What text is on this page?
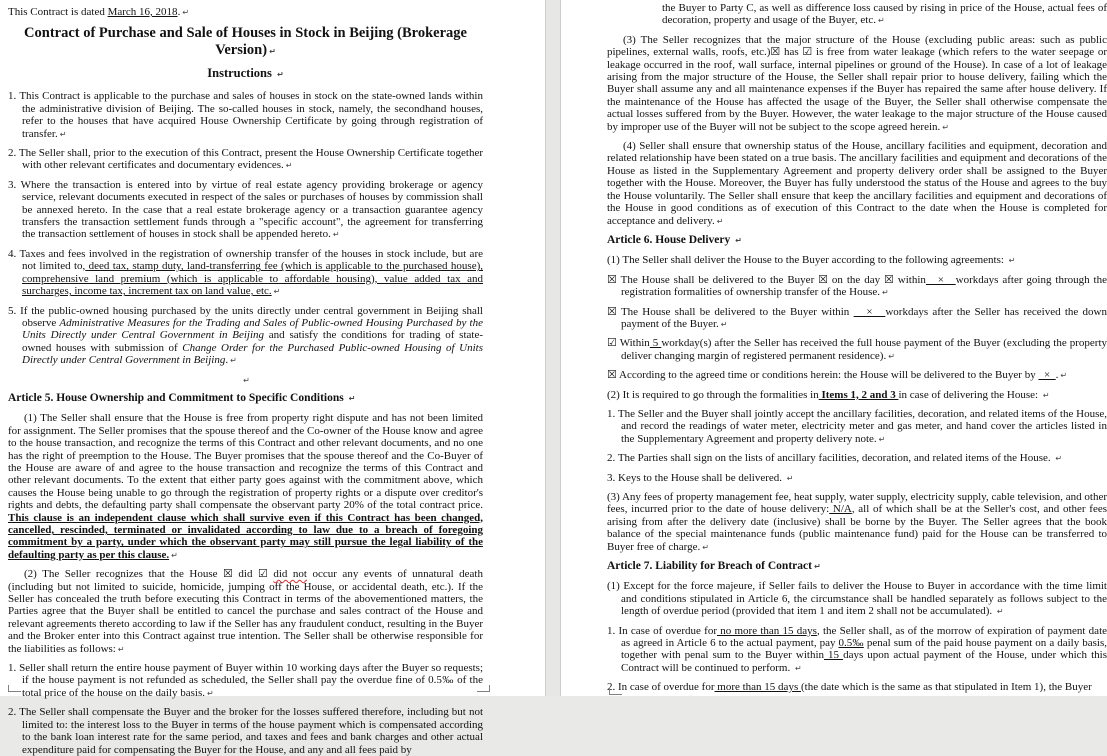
This Contract is dated March 16, 2018. ↵

Contract of Purchase and Sale of Houses in Stock in Beijing (Brokerage Version) ↵

Instructions ↵

1. This Contract is applicable to the purchase and sales of houses in stock on the state-owned lands within the administrative division of Beijing. The so-called houses in stock, namely, the secondhand houses, refer to the houses that have acquired House Ownership Certificate by going through registration of transfer. ↵

2. The Seller shall, prior to the execution of this Contract, present the House Ownership Certificate together with other relevant certificates and documentary evidences. ↵

3. Where the transaction is entered into by virtue of real estate agency providing brokerage or agency service, relevant documents executed in respect of the sales or purchases of houses by commission shall be annexed hereto. In the case that a real estate brokerage agency or a transaction guarantee agency transfers the transaction settlement funds through a "specific account", the agreement for transferring the transaction settlement of houses in stock shall be appended hereto. ↵

4. Taxes and fees involved in the registration of ownership transfer of the houses in stock include, but are not limited to, deed tax, stamp duty, land-transferring fee (which is applicable to the purchased house), comprehensive land premium (which is applicable to affordable housing), value added tax and surcharges, income tax, increment tax on land value, etc. ↵

5. If the public-owned housing purchased by the units directly under central government in Beijing shall observe Administrative Measures for the Trading and Sales of Public-owned Housing Purchased by the Units Directly under Central Government in Beijing and satisfy the conditions for trading of state-owned houses with submission of Change Order for the Purchased Public-owned Housing of Units Directly under Central Government in Beijing. ↵

↵

Article 5. House Ownership and Commitment to Specific Conditions ↵

(1) The Seller shall ensure that the House is free from property right dispute and has not been limited for assignment. The Seller promises that the spouse thereof and the Co-owner of the House know and agree to the house transaction, and recognize the terms of this Contract and other relevant documents, and no one has the right of preemption to the House. The Buyer promises that the spouse thereof and the Co-Buyer of the House are aware of and agree to the house transaction and recognize the terms of this Contract and other relevant documents. To the extent that either party goes against with the commitment above, which causes the House being unable to go through the registration of property rights or a dispute over creditor's rights and debts, the defaulting party shall compensate the observant party 20% of the total contract price. This clause is an independent clause which shall survive even if this Contract has been changed, cancelled, rescinded, terminated or invalidated according to law due to a breach of foregoing commitment by a party, under which the observant party may still pursue the legal liability of the defaulting party as per this clause. ↵

(2) The Seller recognizes that the House ☒ did ☑ did not occur any events of unnatural death (including but not limited to suicide, homicide, jumping off the House, or accidental death, etc.). If the Seller has concealed the truth before executing this Contract in terms of the abovementioned matters, the Parties agree that the Buyer shall be entitled to cancel the purchase and sales contract of the House and relevant agreements thereto according to law if the Seller has any fraudulent conduct, resulting in the Buyer and the Broker enter into this Contract against true intention. The Seller shall be otherwise responsible for the liabilities as follows: ↵

1. Seller shall return the entire house payment of Buyer within 10 working days after the Buyer so requests; if the house payment is not refunded as scheduled, the Seller shall pay the overdue fine of 0.5‰ of the total price of the house on the daily basis. ↵

2. The Seller shall compensate the Buyer and the broker for the losses suffered therefore, including but not limited to: the interest loss to the Buyer in terms of the house payment which is compensated according to the bank loan interest rate for the same period, and taxes and fees and bank charges and other actual expenditure paid for compensating the Buyer for the House, and any and all fees paid by

the Buyer to Party C, as well as difference loss caused by rising in price of the House, actual fees of decoration, property and usage of the Buyer, etc. ↵

(3) The Seller recognizes that the major structure of the House (excluding public areas: such as public pipelines, external walls, roofs, etc.)☒ has ☑ is free from water leakage (which refers to the water seepage or leakage occurred in the roof, wall surface, internal pipelines or ground of the House). In case of a lot of leakage arising from the major structure of the House, the Seller shall repair prior to house delivery, failing which the Buyer shall assume any and all maintenance expenses if the Buyer has repaired the same after house delivery. If the maintenance of the House has affected the usage of the Buyer, the Seller shall otherwise compensate the actual losses suffered from by the Buyer. However, the water leakage to the major structure of the House caused by improper use of the Buyer will not be subject to the scope agreed herein. ↵

(4) Seller shall ensure that ownership status of the House, ancillary facilities and equipment, decoration and related relationship have been stated on a true basis. The ancillary facilities and equipment and decorations of the House as listed in the Supplementary Agreement and property delivery order shall be assigned to the Buyer together with the House. Moreover, the Buyer has fully understood the status of the House and agrees to the buy the House voluntarily. The Seller shall ensure that keep the ancillary facilities and equipment and decorations of the House in good conditions as of execution of this Contract to the date when the House is completed for acceptance and delivery. ↵

Article 6. House Delivery ↵

(1) The Seller shall deliver the House to the Buyer according to the following agreements: ↵

☒ The House shall be delivered to the Buyer ☒ on the day ☒ within   ×   workdays after going through the registration formalities of ownership transfer of the House. ↵

☒ The House shall be delivered to the Buyer within    ×   workdays after the Seller has received the down payment of the Buyer. ↵

☑ Within 5 workday(s) after the Seller has received the full house payment of the Buyer (excluding the property deliver changing margin of registered permanent residence). ↵

☒ According to the agreed time or conditions herein: the House will be delivered to the Buyer by   ×  . ↵

(2) It is required to go through the formalities in Items 1, 2 and 3 in case of delivering the House: ↵

1. The Seller and the Buyer shall jointly accept the ancillary facilities, decoration, and related items of the House, and record the readings of water meter, electricity meter and gas meter, and hand cover the articles listed in the Supplementary Agreement and property delivery note. ↵

2. The Parties shall sign on the lists of ancillary facilities, decoration, and related items of the House. ↵

3. Keys to the House shall be delivered. ↵

(3) Any fees of property management fee, heat supply, water supply, electricity supply, cable television, and other fees, incurred prior to the date of house delivery: N/A, all of which shall be at the Seller's cost, and other fees arising from after the delivery date (inclusive) shall be borne by the Buyer. The Seller agrees that the book balance of the special maintenance funds (public maintenance fund) paid for the House can be transferred to Buyer free of charge. ↵

Article 7. Liability for Breach of Contract ↵

(1) Except for the force majeure, if Seller fails to deliver the House to Buyer in accordance with the time limit and conditions stipulated in Article 6, the circumstance shall be handled separately as follows subject to the length of overdue period (provided that item 1 and item 2 shall not be accumulated). ↵

1. In case of overdue for no more than 15 days, the Seller shall, as of the morrow of expiration of payment date as agreed in Article 6 to the actual payment, pay 0.5‰ penal sum of the paid house payment on a daily basis, together with penal sum to the Buyer within 15 days upon actual payment of the House, under which this Contract will be continued to perform. ↵

2. In case of overdue for more than 15 days (the date which is the same as that stipulated in Item 1), the Buyer
